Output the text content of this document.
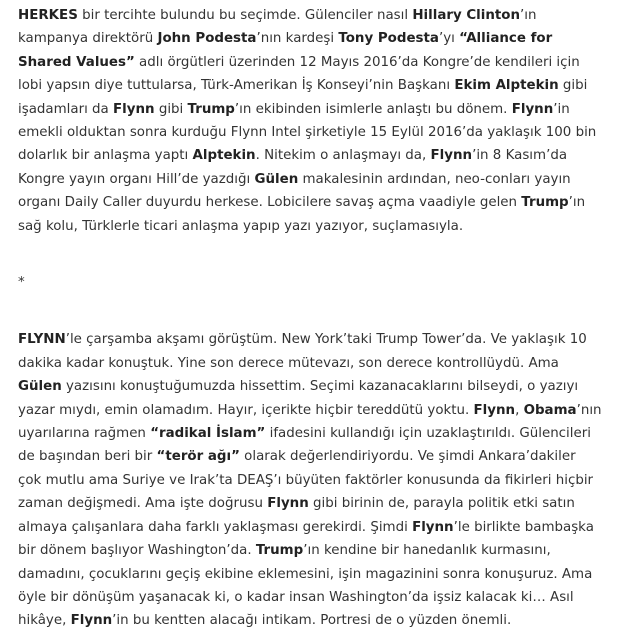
HERKES bir tercihte bulundu bu seçimde. Gülenciler nasıl Hillary Clinton’ın kampanya direktörü John Podesta’nın kardeşi Tony Podesta’yı “Alliance for Shared Values” adlı örgütleri üzerinden 12 Mayıs 2016’da Kongre’de kendileri için lobi yapsın diye tuttularsa, Türk-Amerikan İş Konseyi’nin Başkanı Ekim Alptekin gibi işadamları da Flynn gibi Trump’ın ekibinden isimlerle anlaştı bu dönem. Flynn’in emekli olduktan sonra kurduğu Flynn Intel şirketiyle 15 Eylül 2016’da yaklaşık 100 bin dolarlık bir anlaşma yaptı Alptekin. Nitekim o anlaşmayı da, Flynn’in 8 Kasım’da Kongre yayın organı Hill’de yazdığı Gülen makalesinin ardından, neo-conları yayın organı Daily Caller duyurdu herkese. Lobicilere savaş açma vaadiyle gelen Trump’ın sağ kolu, Türklerle ticari anlaşma yapıp yazı yazıyor, suçlamasıyla.

*

FLYNN’le çarşamba akşamı görüştüm. New York’taki Trump Tower’da. Ve yaklaşık 10 dakika kadar konuştuk. Yine son derece mütevazı, son derece kontrollüydü. Ama Gülen yazısını konuştuğumuzda hissettim. Seçimi kazanacaklarını bilseydi, o yazıyı yazar mıydı, emin olamadım. Hayır, içerikte hiçbir tereddütü yoktu. Flynn, Obama’nın uyarılarına rağmen “radikal İslam” ifadesini kullandığı için uzaklaştırıldı. Gülencileri de başından beri bir “terör ağı” olarak değerlendiriyordu. Ve şimdi Ankara’dakiler çok mutlu ama Suriye ve Irak’ta DEAŞ’ı büyüten faktörler konusunda da fikirleri hiçbir zaman değişmedi. Ama işte doğrusu Flynn gibi birinin de, parayla politik etki satın almaya çalışanlara daha farklı yaklaşması gerekirdi. Şimdi Flynn’le birlikte bambaşka bir dönem başlıyor Washington’da. Trump’ın kendine bir hanedanlık kurmasını, damadını, çocuklarını geçiş ekibine eklemesini, işin magazinini sonra konuşuruz. Ama öyle bir dönüşüm yaşanacak ki, o kadar insan Washington’da işsiz kalacak ki… Asıl hikâye, Flynn’in bu kentten alacağı intikam. Portresi de o yüzden önemli.
